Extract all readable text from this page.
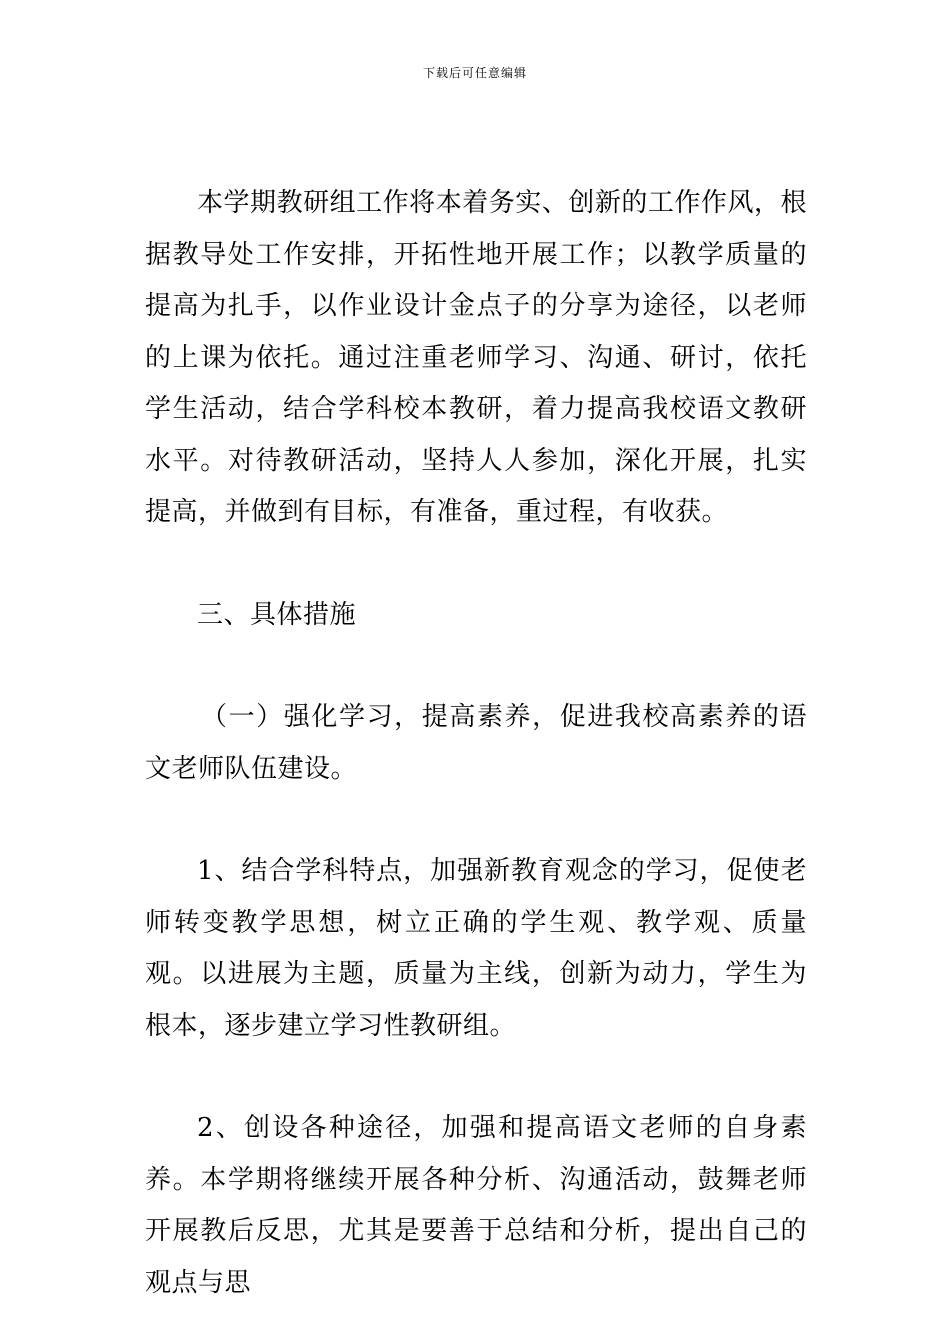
下载后可任意编辑

本学期教研组工作将本着务实、创新的工作作风，根据教导处工作安排，开拓性地开展工作；以教学质量的提高为扎手，以作业设计金点子的分享为途径，以老师的上课为依托。通过注重老师学习、沟通、研讨，依托学生活动，结合学科校本教研，着力提高我校语文教研水平。对待教研活动，坚持人人参加，深化开展，扎实提高，并做到有目标，有准备，重过程，有收获。

三、具体措施

（一）强化学习，提高素养，促进我校高素养的语文老师队伍建设。

1、结合学科特点，加强新教育观念的学习，促使老师转变教学思想，树立正确的学生观、教学观、质量观。以进展为主题，质量为主线，创新为动力，学生为根本，逐步建立学习性教研组。

2、创设各种途径，加强和提高语文老师的自身素养。本学期将继续开展各种分析、沟通活动，鼓舞老师开展教后反思，尤其是要善于总结和分析，提出自己的观点与思
